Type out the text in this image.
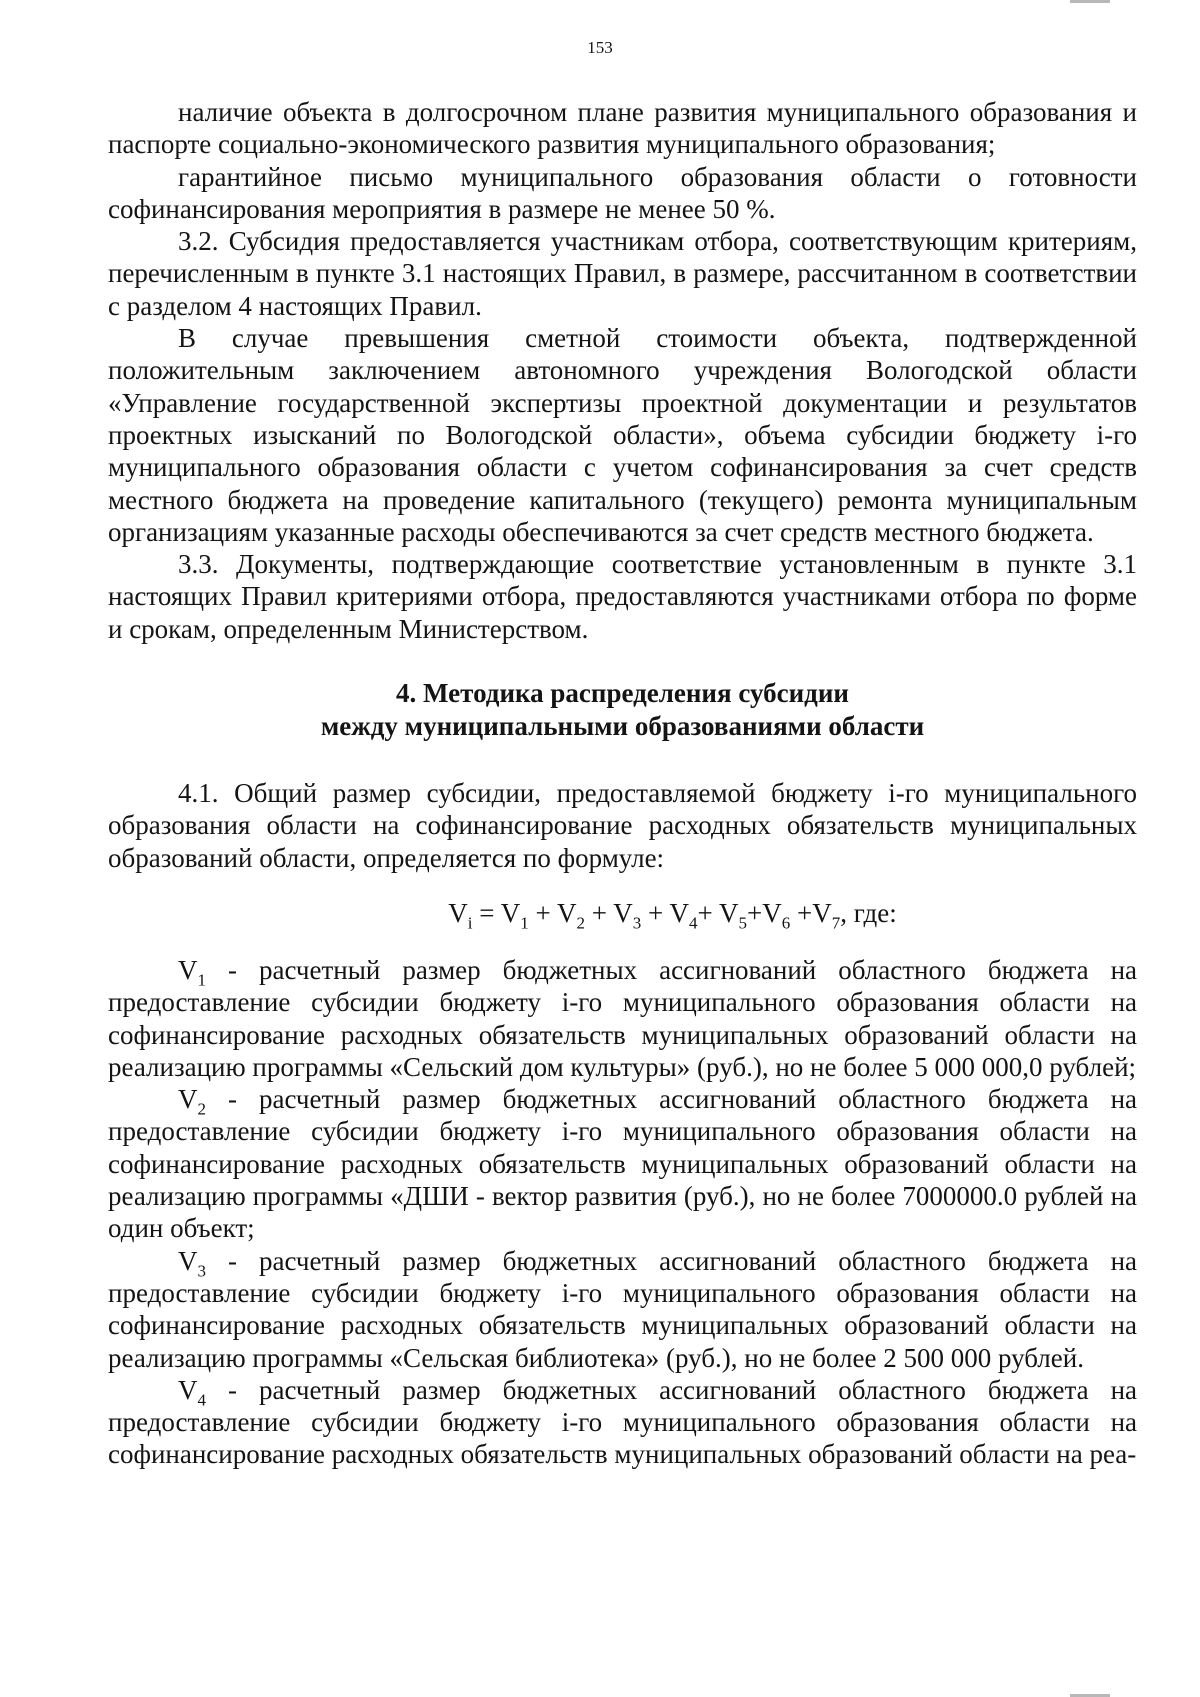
153

наличие объекта в долгосрочном плане развития муниципального образования и паспорте социально-экономического развития муниципального образования;

гарантийное письмо муниципального образования области о готовности софинансирования мероприятия в размере не менее 50 %.

3.2. Субсидия предоставляется участникам отбора, соответствующим критериям, перечисленным в пункте 3.1 настоящих Правил, в размере, рассчитанном в соответствии с разделом 4 настоящих Правил.

В случае превышения сметной стоимости объекта, подтвержденной положительным заключением автономного учреждения Вологодской области «Управление государственной экспертизы проектной документации и результатов проектных изысканий по Вологодской области», объема субсидии бюджету i-го муниципального образования области с учетом софинансирования за счет средств местного бюджета на проведение капитального (текущего) ремонта муниципальным организациям указанные расходы обеспечиваются за счет средств местного бюджета.

3.3. Документы, подтверждающие соответствие установленным в пункте 3.1 настоящих Правил критериями отбора, предоставляются участниками отбора по форме и срокам, определенным Министерством.

4. Методика распределения субсидии
между муниципальными образованиями области

4.1. Общий размер субсидии, предоставляемой бюджету i-го муниципального образования области на софинансирование расходных обязательств муниципальных образований области, определяется по формуле:

$V_i = V_1 + V_2 + V_3 + V_4+ V_5+V_6 +V_7$, где:

$V_1$ - расчетный размер бюджетных ассигнований областного бюджета на предоставление субсидии бюджету i-го муниципального образования области на софинансирование расходных обязательств муниципальных образований области на реализацию программы «Сельский дом культуры» (руб.), но не более 5 000 000,0 рублей;

$V_2$ - расчетный размер бюджетных ассигнований областного бюджета на предоставление субсидии бюджету i-го муниципального образования области на софинансирование расходных обязательств муниципальных образований области на реализацию программы «ДШИ - вектор развития (руб.), но не более 7000000.0 рублей на один объект;

$V_3$ - расчетный размер бюджетных ассигнований областного бюджета на предоставление субсидии бюджету i-го муниципального образования области на софинансирование расходных обязательств муниципальных образований области на реализацию программы «Сельская библиотека» (руб.), но не более 2 500 000 рублей.

$V_4$ - расчетный размер бюджетных ассигнований областного бюджета на предоставление субсидии бюджету i-го муниципального образования области на софинансирование расходных обязательств муниципальных образований области на реа-
